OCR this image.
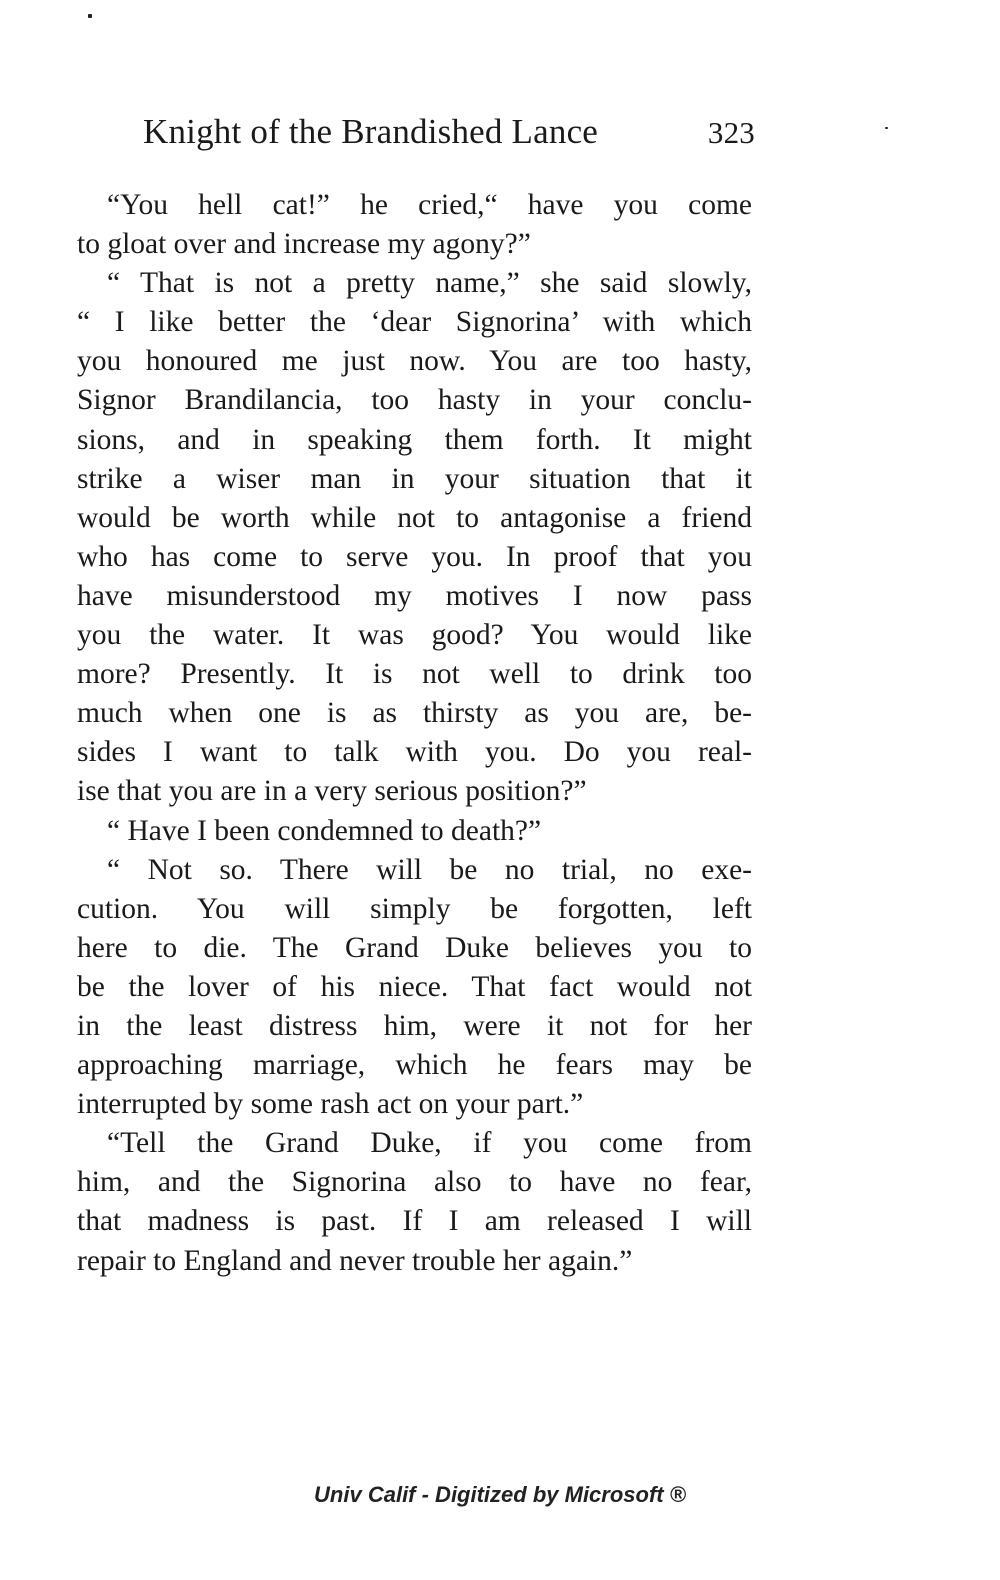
Knight of the Brandished Lance	323
“You hell cat!” he cried,“ have you come
to gloat over and increase my agony?”
“ That is not a pretty name,” she said slowly,
“ I like better the ‘dear Signorina’ with which
you honoured me just now. You are too hasty,
Signor Brandilancia, too hasty in your conclu-
sions, and in speaking them forth. It might
strike a wiser man in your situation that it
would be worth while not to antagonise a friend
who has come to serve you. In proof that you
have misunderstood my motives I now pass
you the water. It was good? You would like
more? Presently. It is not well to drink too
much when one is as thirsty as you are, be-
sides I want to talk with you. Do you real-
ise that you are in a very serious position?”
“ Have I been condemned to death?”
“ Not so. There will be no trial, no exe-
cution. You will simply be forgotten, left
here to die. The Grand Duke believes you to
be the lover of his niece. That fact would not
in the least distress him, were it not for her
approaching marriage, which he fears may be
interrupted by some rash act on your part.”
“Tell the Grand Duke, if you come from
him, and the Signorina also to have no fear,
that madness is past. If I am released I will
repair to England and never trouble her again.”
Univ Calif - Digitized by Microsoft ®
